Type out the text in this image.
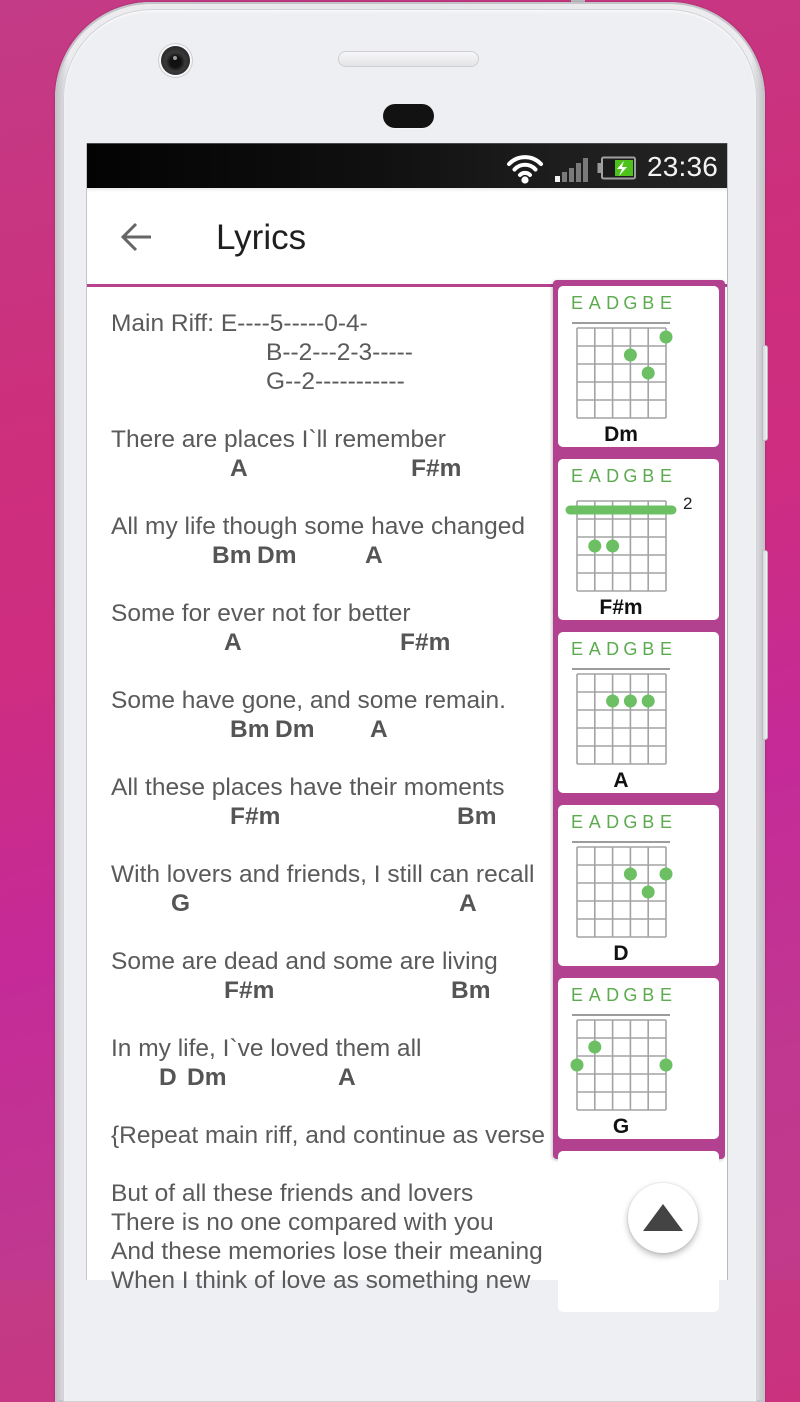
23:36
Lyrics
Main Riff: E----5-----0-4-
B--2---2-3-----
G--2-----------
There are places I`ll remember
A	F#m
All my life though some have changed
Bm Dm	A
Some for ever not for better
A	F#m
Some have gone, and some remain.
Bm Dm A
All these places have their moments
F#m	Bm
With lovers and friends, I still can recall
G	A
Some are dead and some are living
F#m	Bm
In my life, I`ve loved them all
D Dm	A
{Repeat main riff, and continue as verse
But of all these friends and lovers
There is no one compared with you
And these memories lose their meaning
When I think of love as something new
E A D G B E
Dm
E A D G B E
2
F#m
E A D G B E
A
E A D G B E
D
E A D G B E
G
